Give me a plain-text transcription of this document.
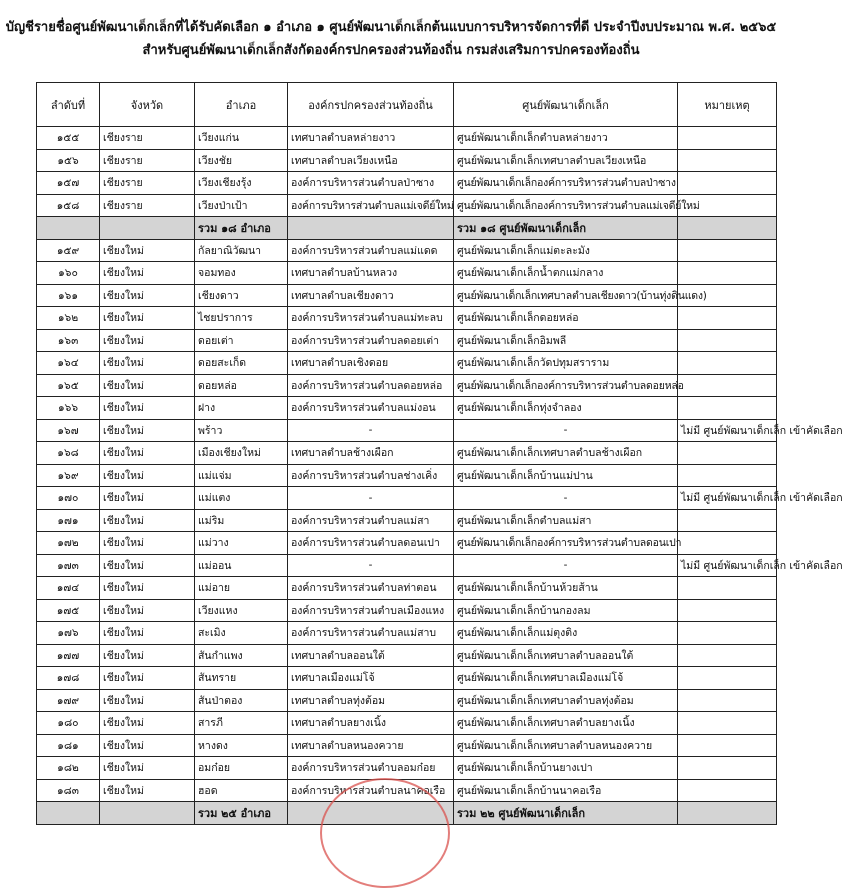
บัญชีรายชื่อศูนย์พัฒนาเด็กเล็กที่ได้รับคัดเลือก ๑ อำเภอ ๑ ศูนย์พัฒนาเด็กเล็กต้นแบบการบริหารจัดการที่ดี ประจำปีงบประมาณ พ.ศ. ๒๕๖๕
สำหรับศูนย์พัฒนาเด็กเล็กสังกัดองค์กรปกครองส่วนท้องถิ่น กรมส่งเสริมการปกครองท้องถิ่น
ลำดับที่	จังหวัด	อำเภอ	องค์กรปกครองส่วนท้องถิ่น	ศูนย์พัฒนาเด็กเล็ก	หมายเหตุ
๑๕๕	เชียงราย	เวียงแก่น	เทศบาลตำบลหล่ายงาว	ศูนย์พัฒนาเด็กเล็กตำบลหล่ายงาว	
๑๕๖	เชียงราย	เวียงชัย	เทศบาลตำบลเวียงเหนือ	ศูนย์พัฒนาเด็กเล็กเทศบาลตำบลเวียงเหนือ	
๑๕๗	เชียงราย	เวียงเชียงรุ้ง	องค์การบริหารส่วนตำบลป่าซาง	ศูนย์พัฒนาเด็กเล็กองค์การบริหารส่วนตำบลป่าซาง	
๑๕๘	เชียงราย	เวียงป่าเป้า	องค์การบริหารส่วนตำบลแม่เจดีย์ใหม่	ศูนย์พัฒนาเด็กเล็กองค์การบริหารส่วนตำบลแม่เจดีย์ใหม่	
		รวม ๑๘ อำเภอ		รวม ๑๘ ศูนย์พัฒนาเด็กเล็ก	
๑๕๙	เชียงใหม่	กัลยาณิวัฒนา	องค์การบริหารส่วนตำบลแม่แดด	ศูนย์พัฒนาเด็กเล็กแม่ตะละมัง	
๑๖๐	เชียงใหม่	จอมทอง	เทศบาลตำบลบ้านหลวง	ศูนย์พัฒนาเด็กเล็กน้ำตกแม่กลาง	
๑๖๑	เชียงใหม่	เชียงดาว	เทศบาลตำบลเชียงดาว	ศูนย์พัฒนาเด็กเล็กเทศบาลตำบลเชียงดาว(บ้านทุ่งดินแดง)	
๑๖๒	เชียงใหม่	ไชยปราการ	องค์การบริหารส่วนตำบลแม่ทะลบ	ศูนย์พัฒนาเด็กเล็กดอยหล่อ	
๑๖๓	เชียงใหม่	ดอยเต่า	องค์การบริหารส่วนตำบลดอยเต่า	ศูนย์พัฒนาเด็กเล็กอิมพลี	
๑๖๔	เชียงใหม่	ดอยสะเก็ด	เทศบาลตำบลเชิงดอย	ศูนย์พัฒนาเด็กเล็กวัดปทุมสราราม	
๑๖๕	เชียงใหม่	ดอยหล่อ	องค์การบริหารส่วนตำบลดอยหล่อ	ศูนย์พัฒนาเด็กเล็กองค์การบริหารส่วนตำบลดอยหล่อ	
๑๖๖	เชียงใหม่	ฝาง	องค์การบริหารส่วนตำบลแม่งอน	ศูนย์พัฒนาเด็กเล็กทุ่งจำลอง	
๑๖๗	เชียงใหม่	พร้าว	-	-	ไม่มี ศูนย์พัฒนาเด็กเล็ก เข้าคัดเลือก
๑๖๘	เชียงใหม่	เมืองเชียงใหม่	เทศบาลตำบลช้างเผือก	ศูนย์พัฒนาเด็กเล็กเทศบาลตำบลช้างเผือก	
๑๖๙	เชียงใหม่	แม่แจ่ม	องค์การบริหารส่วนตำบลช่างเคิ่ง	ศูนย์พัฒนาเด็กเล็กบ้านแม่ปาน	
๑๗๐	เชียงใหม่	แม่แตง	-	-	ไม่มี ศูนย์พัฒนาเด็กเล็ก เข้าคัดเลือก
๑๗๑	เชียงใหม่	แม่ริม	องค์การบริหารส่วนตำบลแม่สา	ศูนย์พัฒนาเด็กเล็กตำบลแม่สา	
๑๗๒	เชียงใหม่	แม่วาง	องค์การบริหารส่วนตำบลดอนเปา	ศูนย์พัฒนาเด็กเล็กองค์การบริหารส่วนตำบลดอนเปา	
๑๗๓	เชียงใหม่	แม่ออน	-	-	ไม่มี ศูนย์พัฒนาเด็กเล็ก เข้าคัดเลือก
๑๗๔	เชียงใหม่	แม่อาย	องค์การบริหารส่วนตำบลท่าตอน	ศูนย์พัฒนาเด็กเล็กบ้านห้วยส้าน	
๑๗๕	เชียงใหม่	เวียงแหง	องค์การบริหารส่วนตำบลเมืองแหง	ศูนย์พัฒนาเด็กเล็กบ้านกองลม	
๑๗๖	เชียงใหม่	สะเมิง	องค์การบริหารส่วนตำบลแม่สาบ	ศูนย์พัฒนาเด็กเล็กแม่ตุงติง	
๑๗๗	เชียงใหม่	สันกำแพง	เทศบาลตำบลออนใต้	ศูนย์พัฒนาเด็กเล็กเทศบาลตำบลออนใต้	
๑๗๘	เชียงใหม่	สันทราย	เทศบาลเมืองแม่โจ้	ศูนย์พัฒนาเด็กเล็กเทศบาลเมืองแม่โจ้	
๑๗๙	เชียงใหม่	สันป่าตอง	เทศบาลตำบลทุ่งต้อม	ศูนย์พัฒนาเด็กเล็กเทศบาลตำบลทุ่งต้อม	
๑๘๐	เชียงใหม่	สารภี	เทศบาลตำบลยางเนิ้ง	ศูนย์พัฒนาเด็กเล็กเทศบาลตำบลยางเนิ้ง	
๑๘๑	เชียงใหม่	หางดง	เทศบาลตำบลหนองควาย	ศูนย์พัฒนาเด็กเล็กเทศบาลตำบลหนองควาย	
๑๘๒	เชียงใหม่	อมก๋อย	องค์การบริหารส่วนตำบลอมก๋อย	ศูนย์พัฒนาเด็กเล็กบ้านยางเปา	
๑๘๓	เชียงใหม่	ฮอด	องค์การบริหารส่วนตำบลนาคอเรือ	ศูนย์พัฒนาเด็กเล็กบ้านนาคอเรือ	
		รวม ๒๕ อำเภอ		รวม ๒๒ ศูนย์พัฒนาเด็กเล็ก	
